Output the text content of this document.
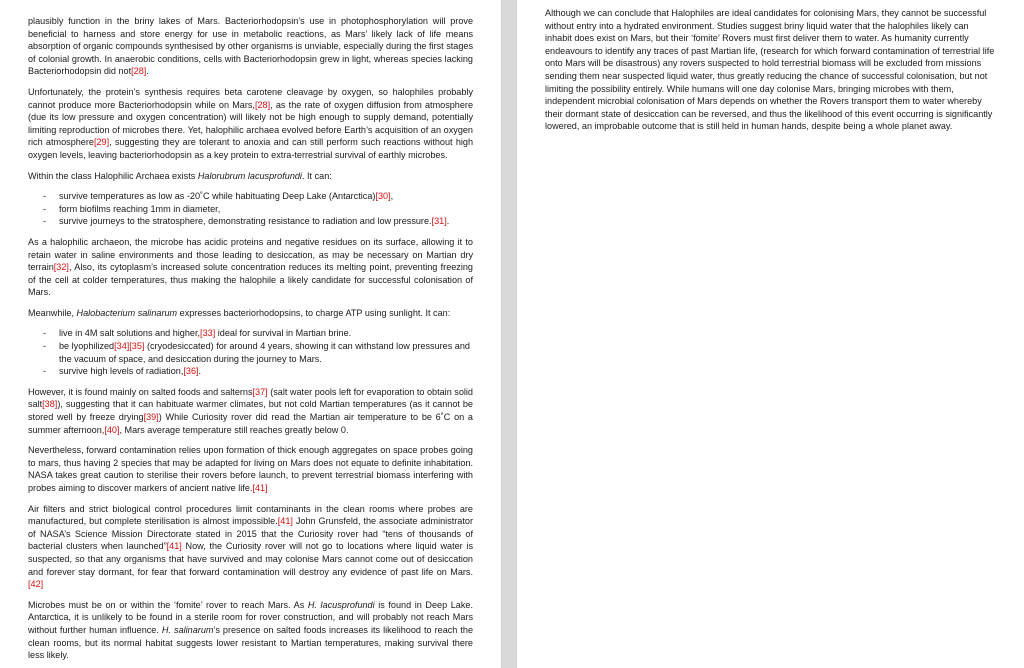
plausibly function in the briny lakes of Mars. Bacteriorhodopsin’s use in photophosphorylation will prove beneficial to harness and store energy for use in metabolic reactions, as Mars’ likely lack of life means absorption of organic compounds synthesised by other organisms is unviable, especially during the first stages of colonial growth. In anaerobic conditions, cells with Bacteriorhodopsin grew in light, whereas species lacking Bacteriorhodopsin did not[28].

Unfortunately, the protein’s synthesis requires beta carotene cleavage by oxygen, so halophiles probably cannot produce more Bacteriorhodopsin while on Mars,[28], as the rate of oxygen diffusion from atmosphere (due its low pressure and oxygen concentration) will likely not be high enough to supply demand, potentially limiting reproduction of microbes there. Yet, halophilic archaea evolved before Earth’s acquisition of an oxygen rich atmosphere[29], suggesting they are tolerant to anoxia and can still perform such reactions without high oxygen levels, leaving bacteriorhodopsin as a key protein to extra-terrestrial survival of earthly microbes.

Within the class Halophilic Archaea exists Halorubrum lacusprofundi. It can:

- survive temperatures as low as -20˚C while habituating Deep Lake (Antarctica)[30],
- form biofilms reaching 1mm in diameter,
- survive journeys to the stratosphere, demonstrating resistance to radiation and low pressure.[31].

As a halophilic archaeon, the microbe has acidic proteins and negative residues on its surface, allowing it to retain water in saline environments and those leading to desiccation, as may be necessary on Martian dry terrain[32], Also, its cytoplasm’s increased solute concentration reduces its melting point, preventing freezing of the cell at colder temperatures, thus making the halophile a likely candidate for successful colonisation of Mars.

Meanwhile, Halobacterium salinarum expresses bacteriorhodopsins, to charge ATP using sunlight. It can:

- live in 4M salt solutions and higher,[33] ideal for survival in Martian brine.
- be lyophilized[34][35] (cryodesiccated) for around 4 years, showing it can withstand low pressures and the vacuum of space, and desiccation during the journey to Mars.
- survive high levels of radiation,[36].

However, it is found mainly on salted foods and salterns[37] (salt water pools left for evaporation to obtain solid salt[38]), suggesting that it can habituate warmer climates, but not cold Martian temperatures (as it cannot be stored well by freeze drying[39]) While Curiosity rover did read the Martian air temperature to be 6˚C on a summer afternoon,[40], Mars average temperature still reaches greatly below 0.

Nevertheless, forward contamination relies upon formation of thick enough aggregates on space probes going to mars, thus having 2 species that may be adapted for living on Mars does not equate to definite inhabitation. NASA takes great caution to sterilise their rovers before launch, to prevent terrestrial biomass interfering with probes aiming to discover markers of ancient native life.[41]

Air filters and strict biological control procedures limit contaminants in the clean rooms where probes are manufactured, but complete sterilisation is almost impossible.[41] John Grunsfeld, the associate administrator of NASA’s Science Mission Directorate stated in 2015 that the Curiosity rover had “tens of thousands of bacterial clusters when launched”[41] Now, the Curiosity rover will not go to locations where liquid water is suspected, so that any organisms that have survived and may colonise Mars cannot come out of desiccation and forever stay dormant, for fear that forward contamination will destroy any evidence of past life on Mars.[42]

Microbes must be on or within the ‘fomite’ rover to reach Mars. As H. lacusprofundi is found in Deep Lake. Antarctica, it is unlikely to be found in a sterile room for rover construction, and will probably not reach Mars without further human influence. H. salinarum’s presence on salted foods increases its likelihood to reach the clean rooms, but its normal habitat suggests lower resistant to Martian temperatures, making survival there less likely.

Although we can conclude that Halophiles are ideal candidates for colonising Mars, they cannot be successful without entry into a hydrated environment. Studies suggest briny liquid water that the halophiles likely can inhabit does exist on Mars, but their ‘fomite’ Rovers must first deliver them to water. As humanity currently endeavours to identify any traces of past Martian life, (research for which forward contamination of terrestrial life onto Mars will be disastrous) any rovers suspected to hold terrestrial biomass will be excluded from missions sending them near suspected liquid water, thus greatly reducing the chance of successful colonisation, but not limiting the possibility entirely. While humans will one day colonise Mars, bringing microbes with them, independent microbial colonisation of Mars depends on whether the Rovers transport them to water whereby their dormant state of desiccation can be reversed, and thus the likelihood of this event occurring is significantly lowered, an improbable outcome that is still held in human hands, despite being a whole planet away.
